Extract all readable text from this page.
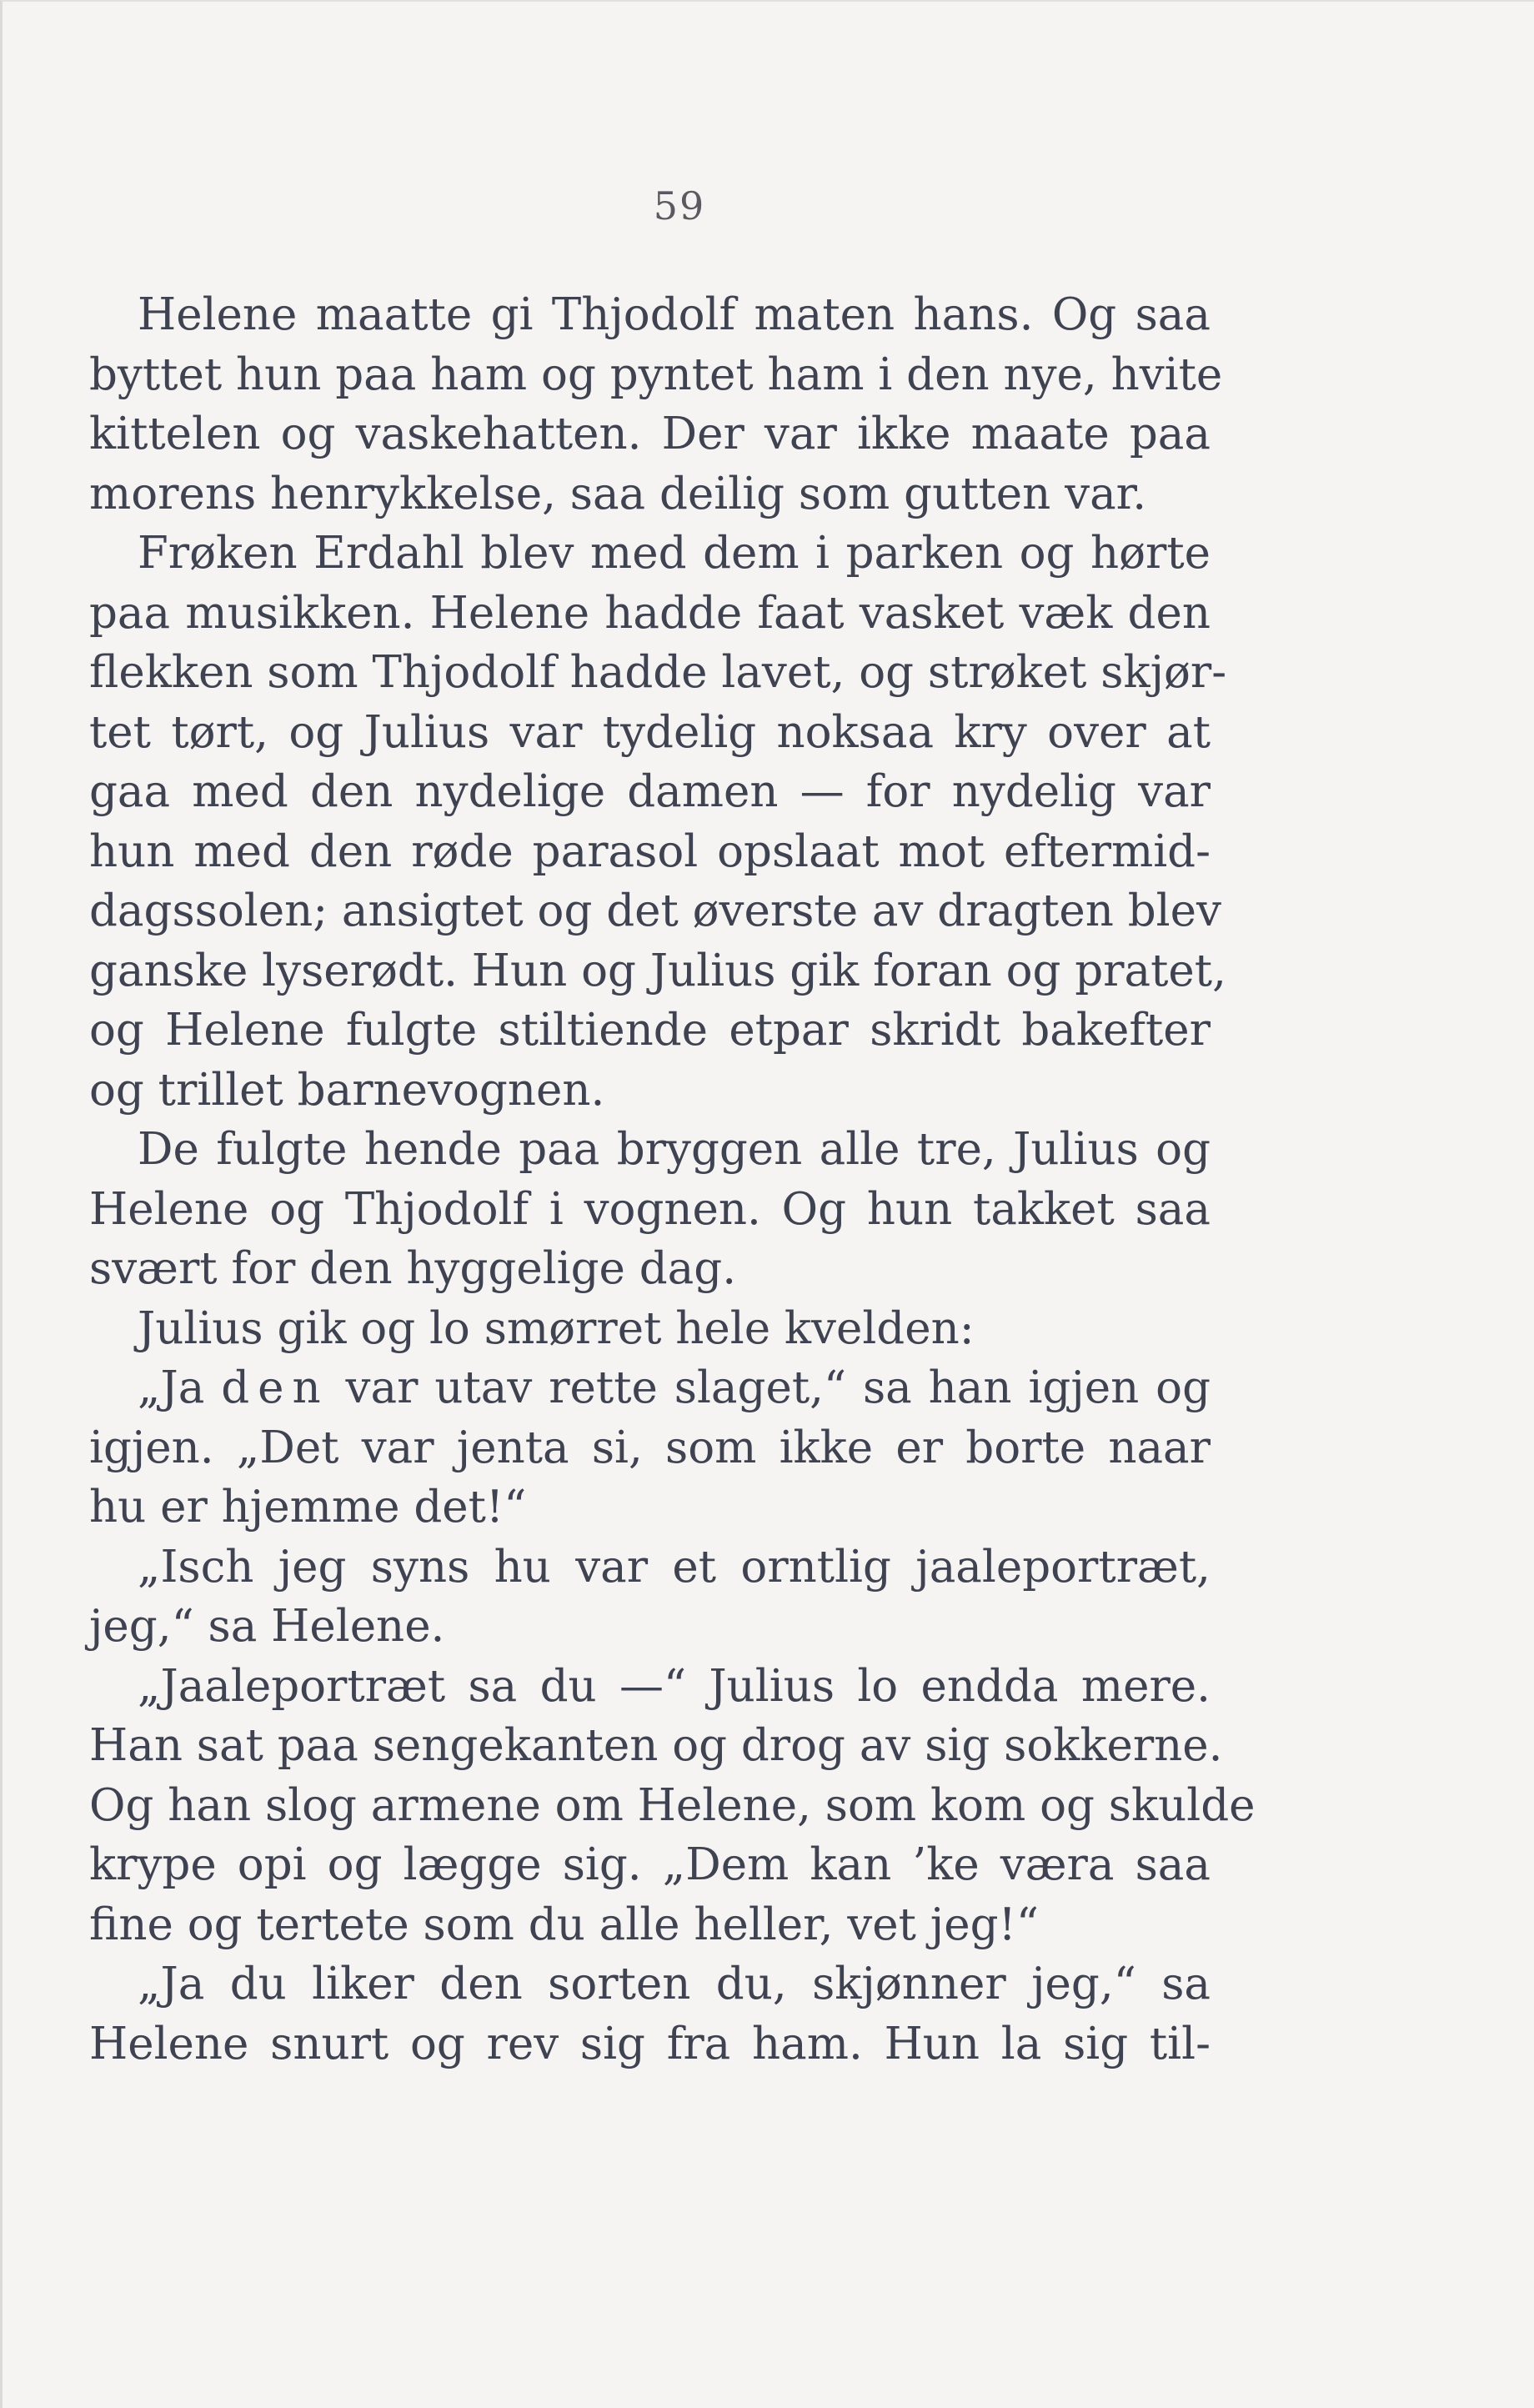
59
Helene maatte gi Thjodolf maten hans. Og saa
byttet hun paa ham og pyntet ham i den nye, hvite
kittelen og vaskehatten. Der var ikke maate paa
morens henrykkelse, saa deilig som gutten var.
Frøken Erdahl blev med dem i parken og hørte
paa musikken. Helene hadde faat vasket væk den
flekken som Thjodolf hadde lavet, og strøket skjør-
tet tørt, og Julius var tydelig noksaa kry over at
gaa med den nydelige damen — for nydelig var
hun med den røde parasol opslaat mot eftermid-
dagssolen; ansigtet og det øverste av dragten blev
ganske lyserødt. Hun og Julius gik foran og pratet,
og Helene fulgte stiltiende etpar skridt bakefter
og trillet barnevognen.
De fulgte hende paa bryggen alle tre, Julius og
Helene og Thjodolf i vognen. Og hun takket saa
svært for den hyggelige dag.
Julius gik og lo smørret hele kvelden:
„Ja den var utav rette slaget,“ sa han igjen og
igjen. „Det var jenta si, som ikke er borte naar
hu er hjemme det!“
„Isch jeg syns hu var et orntlig jaaleportræt,
jeg,“ sa Helene.
„Jaaleportræt sa du —“ Julius lo endda mere.
Han sat paa sengekanten og drog av sig sokkerne.
Og han slog armene om Helene, som kom og skulde
krype opi og lægge sig. „Dem kan ’ke væra saa
fine og tertete som du alle heller, vet jeg!“
„Ja du liker den sorten du, skjønner jeg,“ sa
Helene snurt og rev sig fra ham. Hun la sig til-
